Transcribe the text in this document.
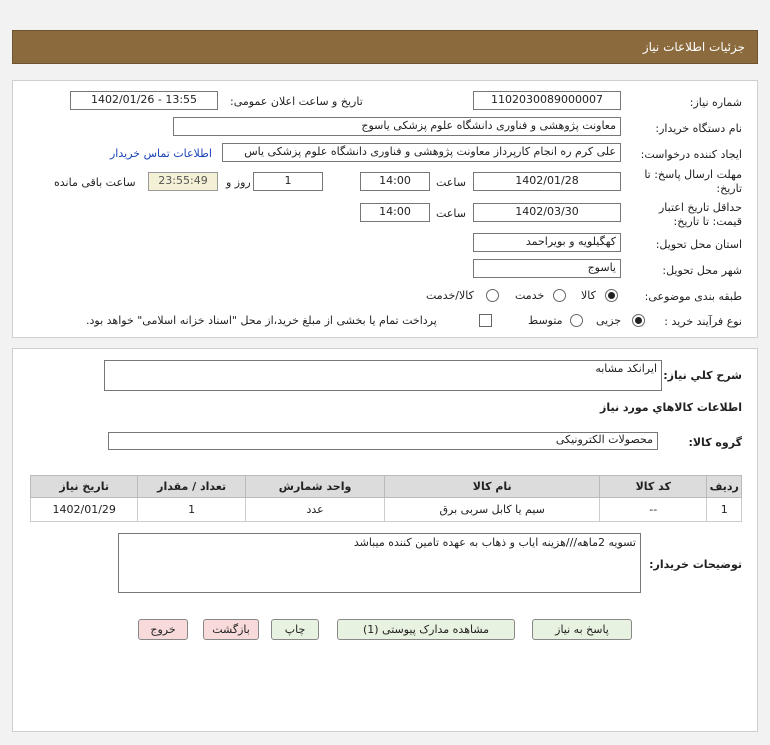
جزئیات اطلاعات نیاز
شماره نیاز:
1102030089000007
تاریخ و ساعت اعلان عمومی:
1402/01/26 - 13:55
نام دستگاه خریدار:
معاونت پژوهشی و فناوری دانشگاه علوم پزشکی یاسوج
ایجاد کننده درخواست:
علی کرم ره انجام کارپرداز معاونت پژوهشی و فناوری دانشگاه علوم پزشکی یاس
اطلاعات تماس خریدار
مهلت ارسال پاسخ: تا
تاریخ:
1402/01/28
ساعت
14:00
1
روز و
23:55:49
ساعت باقی مانده
حداقل تاریخ اعتبار
قیمت: تا تاریخ:
1402/03/30
ساعت
14:00
استان محل تحویل:
کهگیلویه و بویراحمد
شهر محل تحویل:
یاسوج
طبقه بندی موضوعی:
کالا
خدمت
کالا/خدمت
نوع فرآیند خرید :
جزیی
متوسط
پرداخت تمام یا بخشی از مبلغ خرید،از محل "اسناد خزانه اسلامی" خواهد بود.
شرح کلي نياز:
ایرانکد مشابه
اطلاعات کالاهاي مورد نياز
گروه کالا:
محصولات الکترونیکی
ردیف	کد کالا	نام کالا	واحد شمارش	تعداد / مقدار	تاریخ نیاز
1	--	سیم یا کابل سربی برق	عدد	1	1402/01/29
توضیحات خریدار:
تسویه 2ماهه///هزینه ایاب و ذهاب به عهده تامین کننده میباشد
پاسخ به نیاز
مشاهده مدارک پیوستی (1)
چاپ
بازگشت
خروج
